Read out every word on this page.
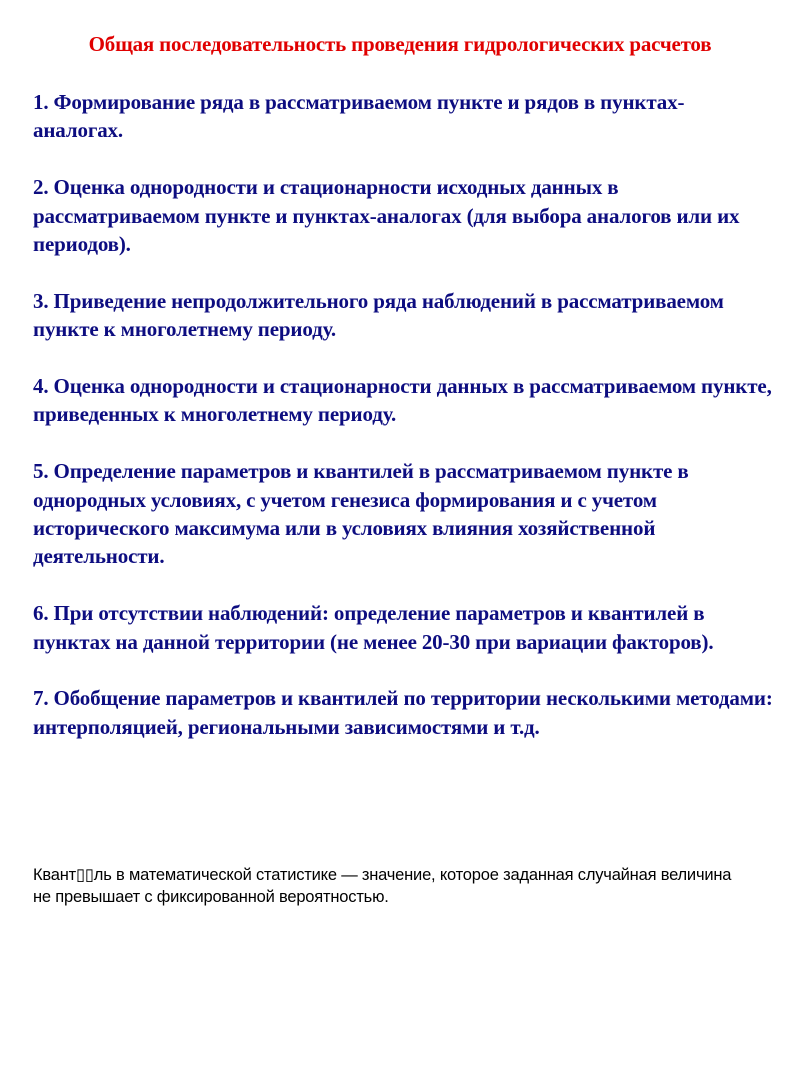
Общая последовательность проведения гидрологических расчетов
1. Формирование ряда в рассматриваемом пункте и рядов в пунктах-аналогах.
2. Оценка однородности и стационарности исходных данных в рассматриваемом пункте и пунктах-аналогах (для выбора аналогов или их периодов).
3. Приведение непродолжительного ряда наблюдений в рассматриваемом пункте к многолетнему периоду.
4. Оценка однородности и стационарности данных в рассматриваемом пункте, приведенных к многолетнему периоду.
5. Определение параметров и квантилей в рассматриваемом пункте в однородных условиях, с учетом генезиса формирования и с учетом исторического максимума или в условиях влияния хозяйственной деятельности.
6. При отсутствии наблюдений: определение параметров и квантилей в пунктах на данной территории (не менее 20-30 при вариации факторов).
7. Обобщение параметров и квантилей по территории несколькими методами: интерполяцией, региональными зависимостями и т.д.

Квант▯▯ль в математической статистике — значение, которое заданная случайная величина не превышает с фиксированной вероятностью.
